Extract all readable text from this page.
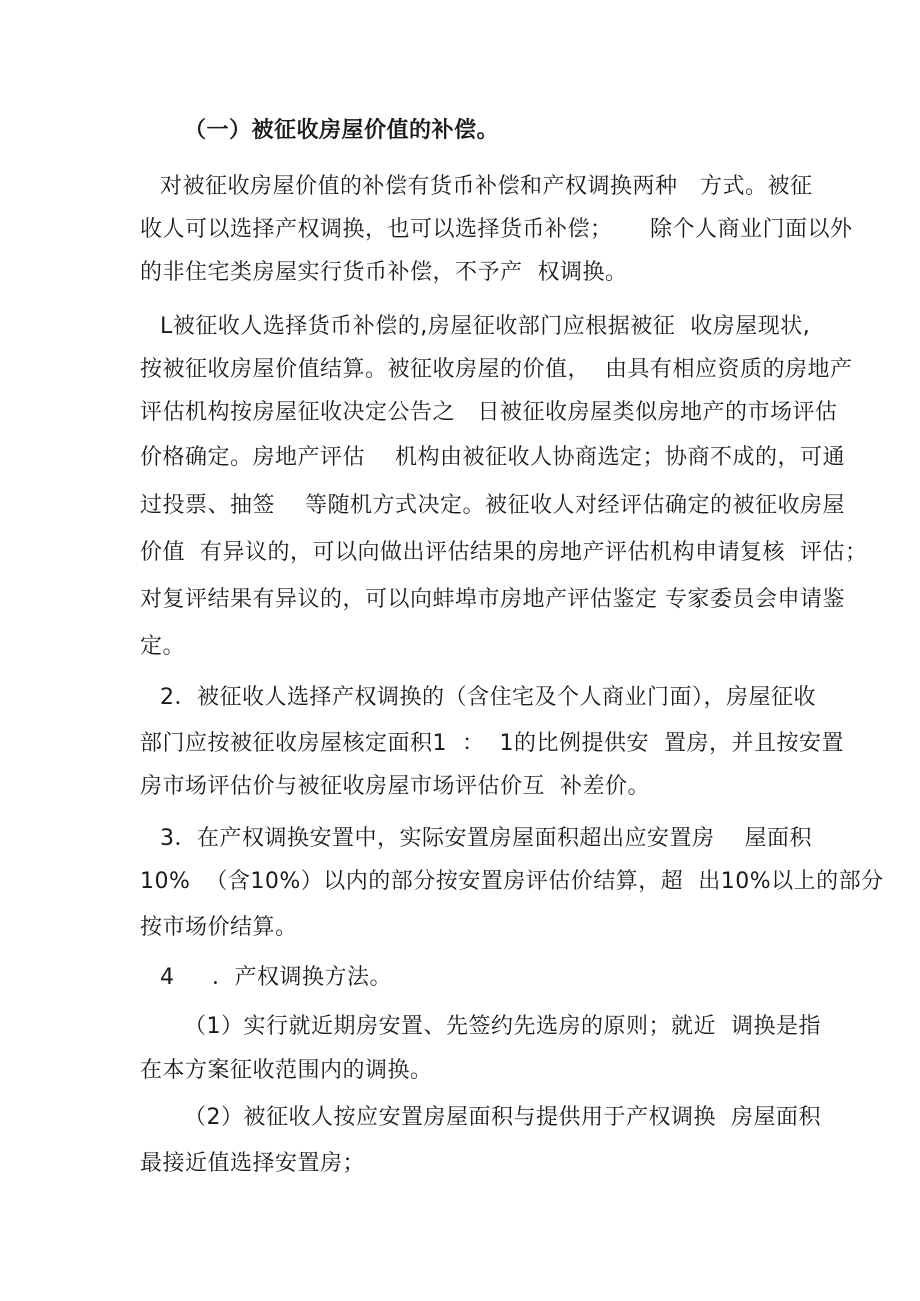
（一）被征收房屋价值的补偿。
对被征收房屋价值的补偿有货币补偿和产权调换两种   方式。被征
收人可以选择产权调换，也可以选择货币补偿；     除个人商业门面以外
的非住宅类房屋实行货币补偿，不予产  权调换。
L被征收人选择货币补偿的,房屋征收部门应根据被征  收房屋现状,
按被征收房屋价值结算。被征收房屋的价值，  由具有相应资质的房地产
评估机构按房屋征收决定公告之   日被征收房屋类似房地产的市场评估
价格确定。房地产评估    机构由被征收人协商选定；协商不成的，可通
过投票、抽签    等随机方式决定。被征收人对经评估确定的被征收房屋
价值  有异议的，可以向做出评估结果的房地产评估机构申请复核  评估；
对复评结果有异议的，可以向蚌埠市房地产评估鉴定 专家委员会申请鉴
定。
2．被征收人选择产权调换的（含住宅及个人商业门面），房屋征收
部门应按被征收房屋核定面积1  ：  1的比例提供安  置房，并且按安置
房市场评估价与被征收房屋市场评估价互  补差价。
3．在产权调换安置中，实际安置房屋面积超出应安置房    屋面积
10%  （含10%）以内的部分按安置房评估价结算，超  出10%以上的部分
按市场价结算。
4     ．产权调换方法。
（1）实行就近期房安置、先签约先选房的原则；就近  调换是指
在本方案征收范围内的调换。
（2）被征收人按应安置房屋面积与提供用于产权调换  房屋面积
最接近值选择安置房；
